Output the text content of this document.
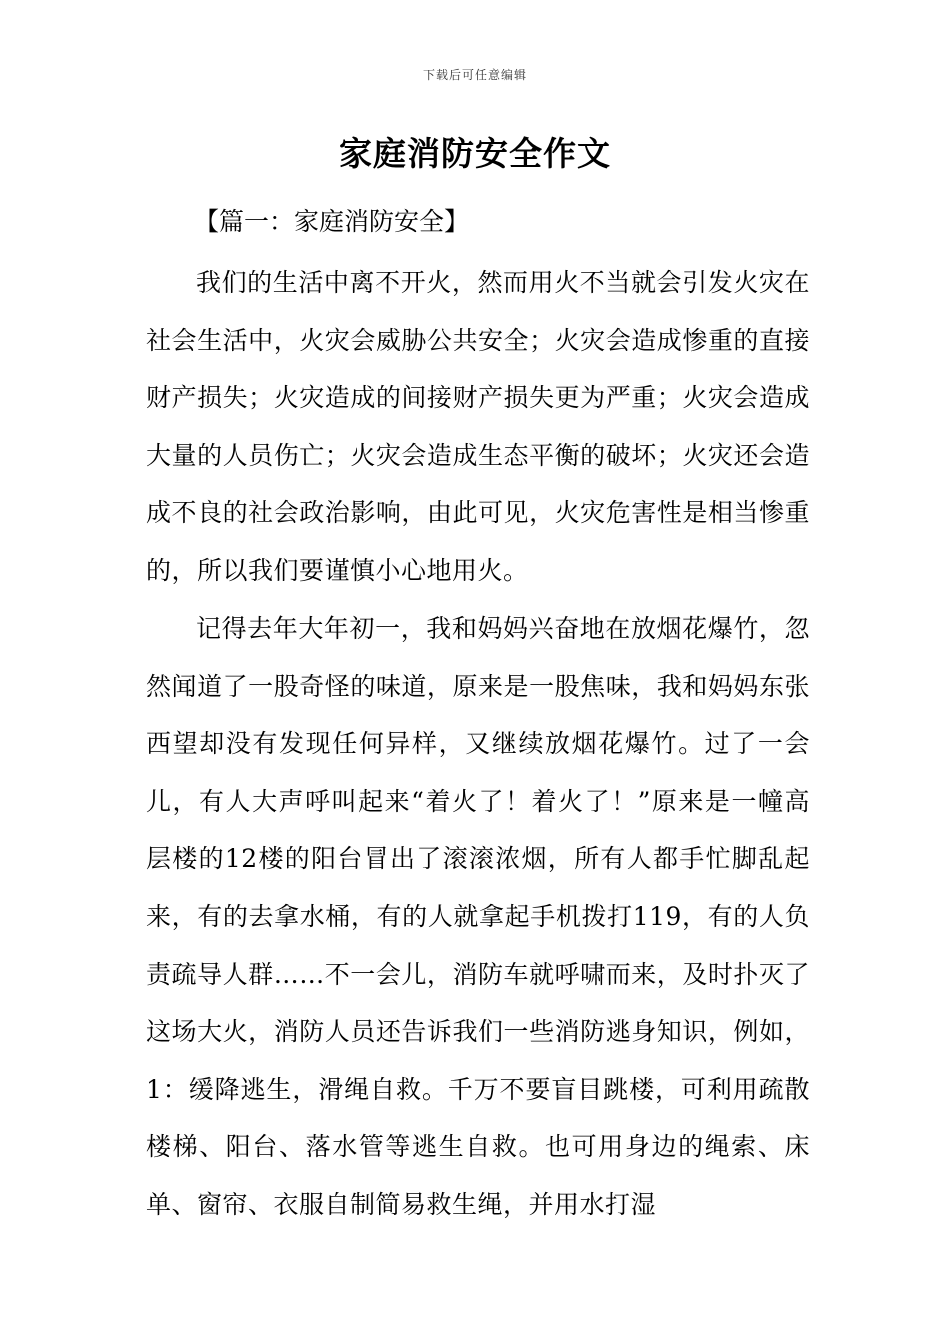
下载后可任意编辑
家庭消防安全作文
【篇一：家庭消防安全】

我们的生活中离不开火，然而用火不当就会引发火灾在社会生活中，火灾会威胁公共安全；火灾会造成惨重的直接财产损失；火灾造成的间接财产损失更为严重；火灾会造成大量的人员伤亡；火灾会造成生态平衡的破坏；火灾还会造成不良的社会政治影响，由此可见，火灾危害性是相当惨重的，所以我们要谨慎小心地用火。

记得去年大年初一，我和妈妈兴奋地在放烟花爆竹，忽然闻道了一股奇怪的味道，原来是一股焦味，我和妈妈东张西望却没有发现任何异样，又继续放烟花爆竹。过了一会儿，有人大声呼叫起来“着火了！着火了！”原来是一幢高层楼的12楼的阳台冒出了滚滚浓烟，所有人都手忙脚乱起来，有的去拿水桶，有的人就拿起手机拨打119，有的人负责疏导人群……不一会儿，消防车就呼啸而来，及时扑灭了这场大火，消防人员还告诉我们一些消防逃身知识，例如，1：缓降逃生，滑绳自救。千万不要盲目跳楼，可利用疏散楼梯、阳台、落水管等逃生自救。也可用身边的绳索、床单、窗帘、衣服自制简易救生绳，并用水打湿
